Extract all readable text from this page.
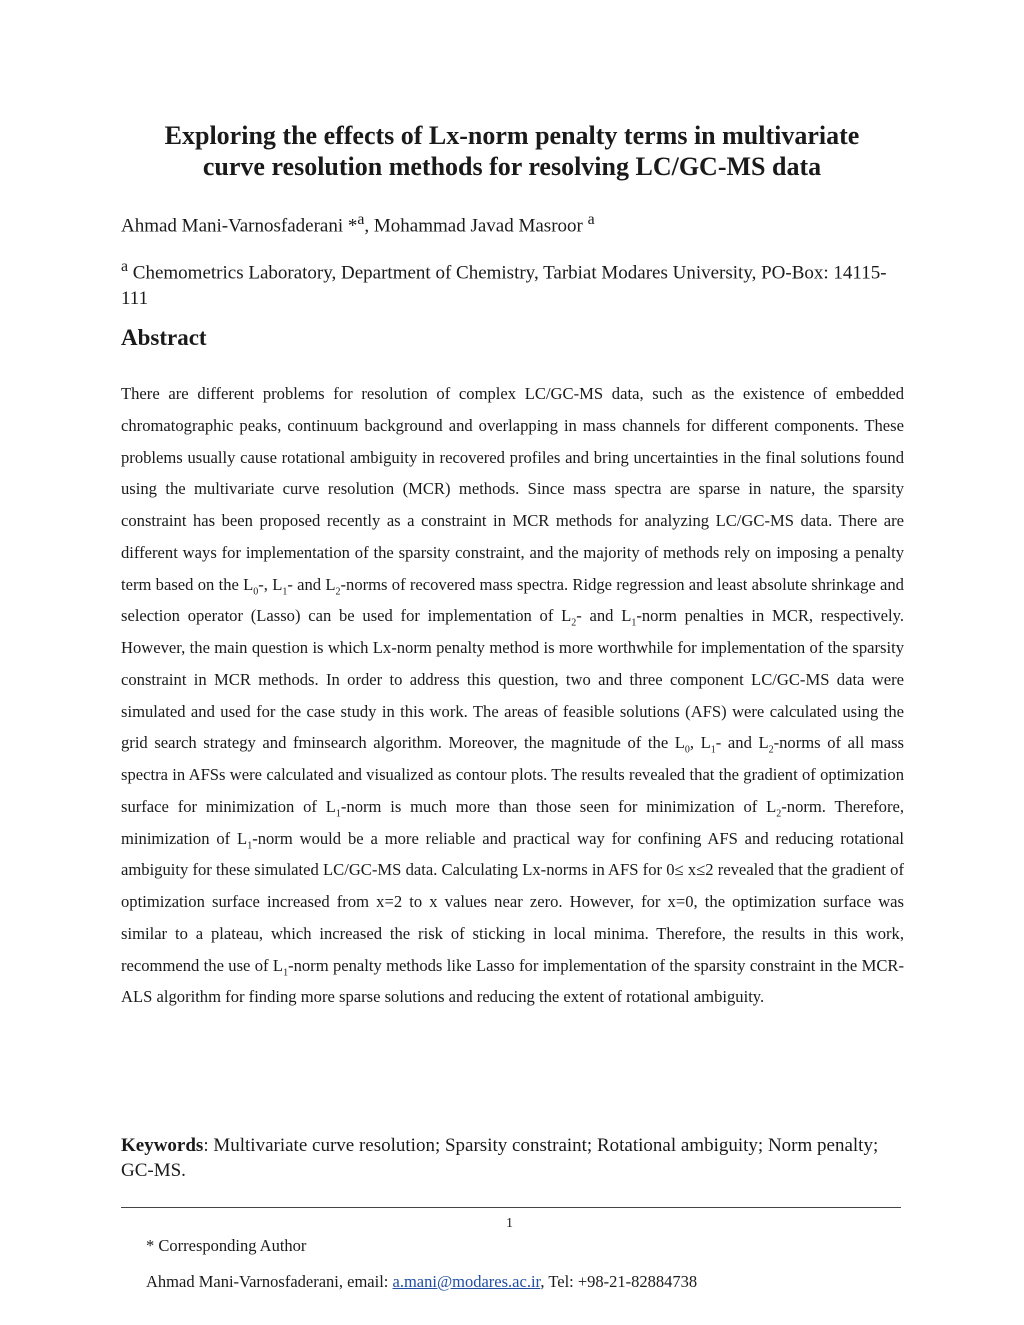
Exploring the effects of Lx-norm penalty terms in multivariate
curve resolution methods for resolving LC/GC-MS data

Ahmad Mani-Varnosfaderani *$^a$, Mohammad Javad Masroor $^a$

$^a$ Chemometrics Laboratory, Department of Chemistry, Tarbiat Modares University, PO-Box: 14115-111

Abstract

There are different problems for resolution of complex LC/GC-MS data, such as the existence of embedded chromatographic peaks, continuum background and overlapping in mass channels for different components. These problems usually cause rotational ambiguity in recovered profiles and bring uncertainties in the final solutions found using the multivariate curve resolution (MCR) methods. Since mass spectra are sparse in nature, the sparsity constraint has been proposed recently as a constraint in MCR methods for analyzing LC/GC-MS data. There are different ways for implementation of the sparsity constraint, and the majority of methods rely on imposing a penalty term based on the $L_0-$, $L_1-$ and $L_2$-norms of recovered mass spectra. Ridge regression and least absolute shrinkage and selection operator (Lasso) can be used for implementation of $L_2-$ and $L_1$-norm penalties in MCR, respectively. However, the main question is which Lx-norm penalty method is more worthwhile for implementation of the sparsity constraint in MCR methods. In order to address this question, two and three component LC/GC-MS data were simulated and used for the case study in this work. The areas of feasible solutions (AFS) were calculated using the grid search strategy and fminsearch algorithm. Moreover, the magnitude of the $L_0$, $L_1-$ and $L_2$-norms of all mass spectra in AFSs were calculated and visualized as contour plots. The results revealed that the gradient of optimization surface for minimization of $L_1$-norm is much more than those seen for minimization of $L_2$-norm. Therefore, minimization of $L_1$-norm would be a more reliable and practical way for confining AFS and reducing rotational ambiguity for these simulated LC/GC-MS data. Calculating Lx-norms in AFS for 0≤ x≤2 revealed that the gradient of optimization surface increased from x=2 to x values near zero. However, for x=0, the optimization surface was similar to a plateau, which increased the risk of sticking in local minima. Therefore, the results in this work, recommend the use of $L_1$-norm penalty methods like Lasso for implementation of the sparsity constraint in the MCR-ALS algorithm for finding more sparse solutions and reducing the extent of rotational ambiguity.

Keywords: Multivariate curve resolution; Sparsity constraint; Rotational ambiguity; Norm penalty; GC-MS.

1

* Corresponding Author

Ahmad Mani-Varnosfaderani, email: a.mani@modares.ac.ir, Tel: +98-21-82884738
